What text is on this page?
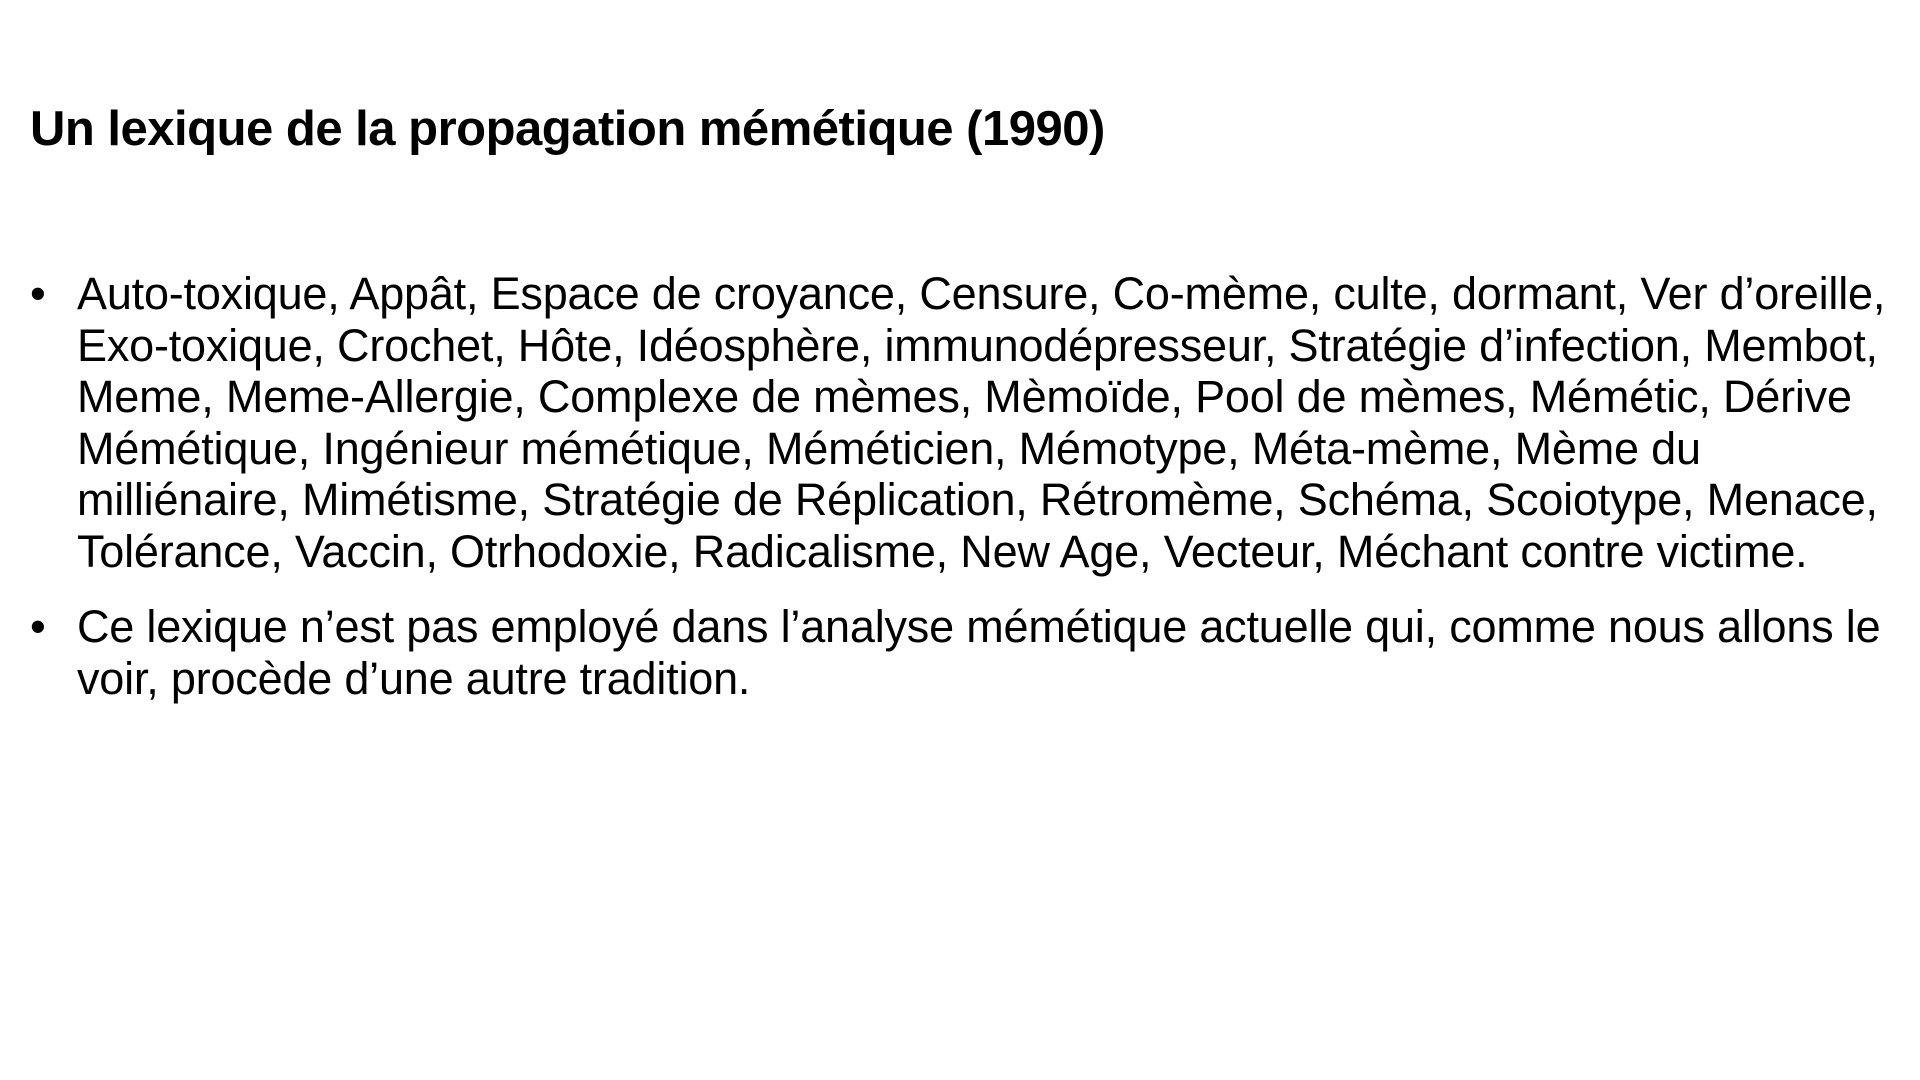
Un lexique de la propagation mémétique (1990)
• Auto-toxique, Appât, Espace de croyance, Censure, Co-mème, culte, dormant, Ver d’oreille, Exo-toxique, Crochet, Hôte, Idéosphère, immunodépresseur, Stratégie d’infection, Membot, Meme, Meme-Allergie, Complexe de mèmes, Mèmoïde, Pool de mèmes, Mémétic, Dérive Mémétique, Ingénieur mémétique, Méméticien, Mémotype, Méta-mème, Mème du milliénaire, Mimétisme, Stratégie de Réplication, Rétromème, Schéma, Scoiotype, Menace, Tolérance, Vaccin, Otrhodoxie, Radicalisme, New Age, Vecteur, Méchant contre victime.
• Ce lexique n’est pas employé dans l’analyse mémétique actuelle qui, comme nous allons le voir, procède d’une autre tradition.
